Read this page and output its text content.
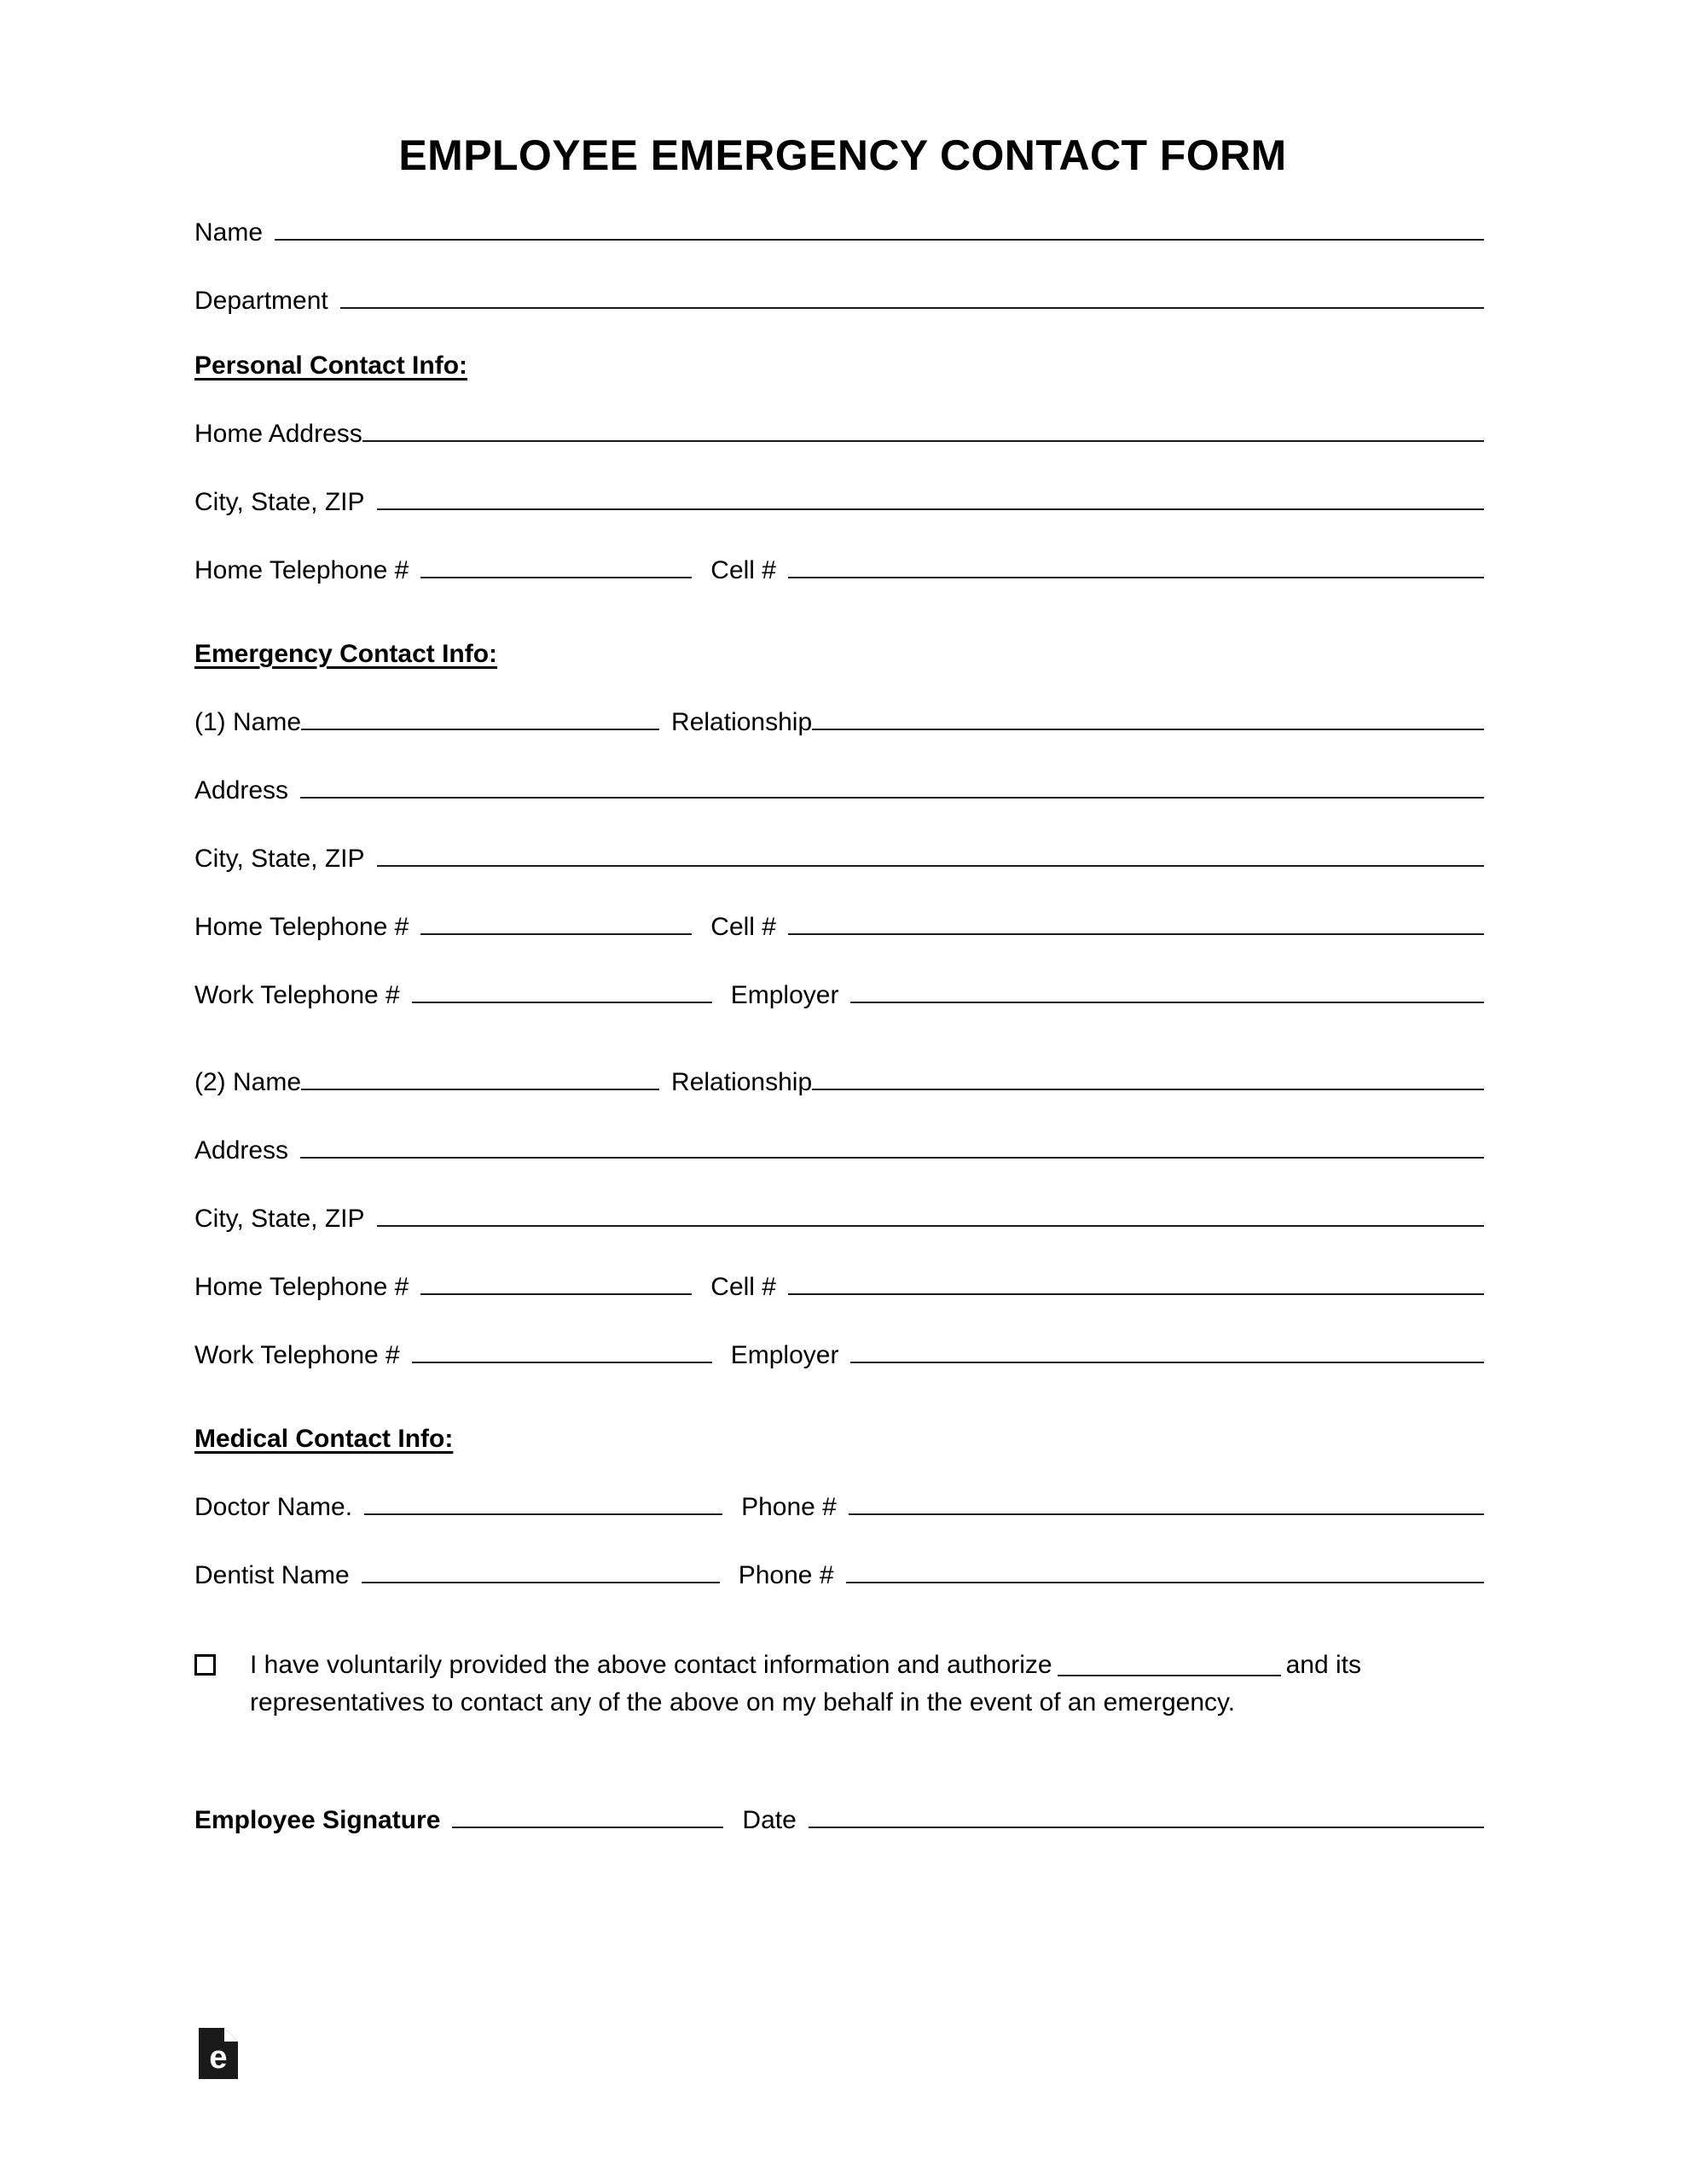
EMPLOYEE EMERGENCY CONTACT FORM
Name
Department
Personal Contact Info:
Home Address
City, State, ZIP
Home Telephone #	Cell #
Emergency Contact Info:
(1) Name	Relationship
Address
City, State, ZIP
Home Telephone #	Cell #
Work Telephone #	Employer
(2) Name	Relationship
Address
City, State, ZIP
Home Telephone #	Cell #
Work Telephone #	Employer
Medical Contact Info:
Doctor Name.	Phone #
Dentist Name	Phone #
I have voluntarily provided the above contact information and authorize	and its representatives to contact any of the above on my behalf in the event of an emergency.
Employee Signature	Date
e
